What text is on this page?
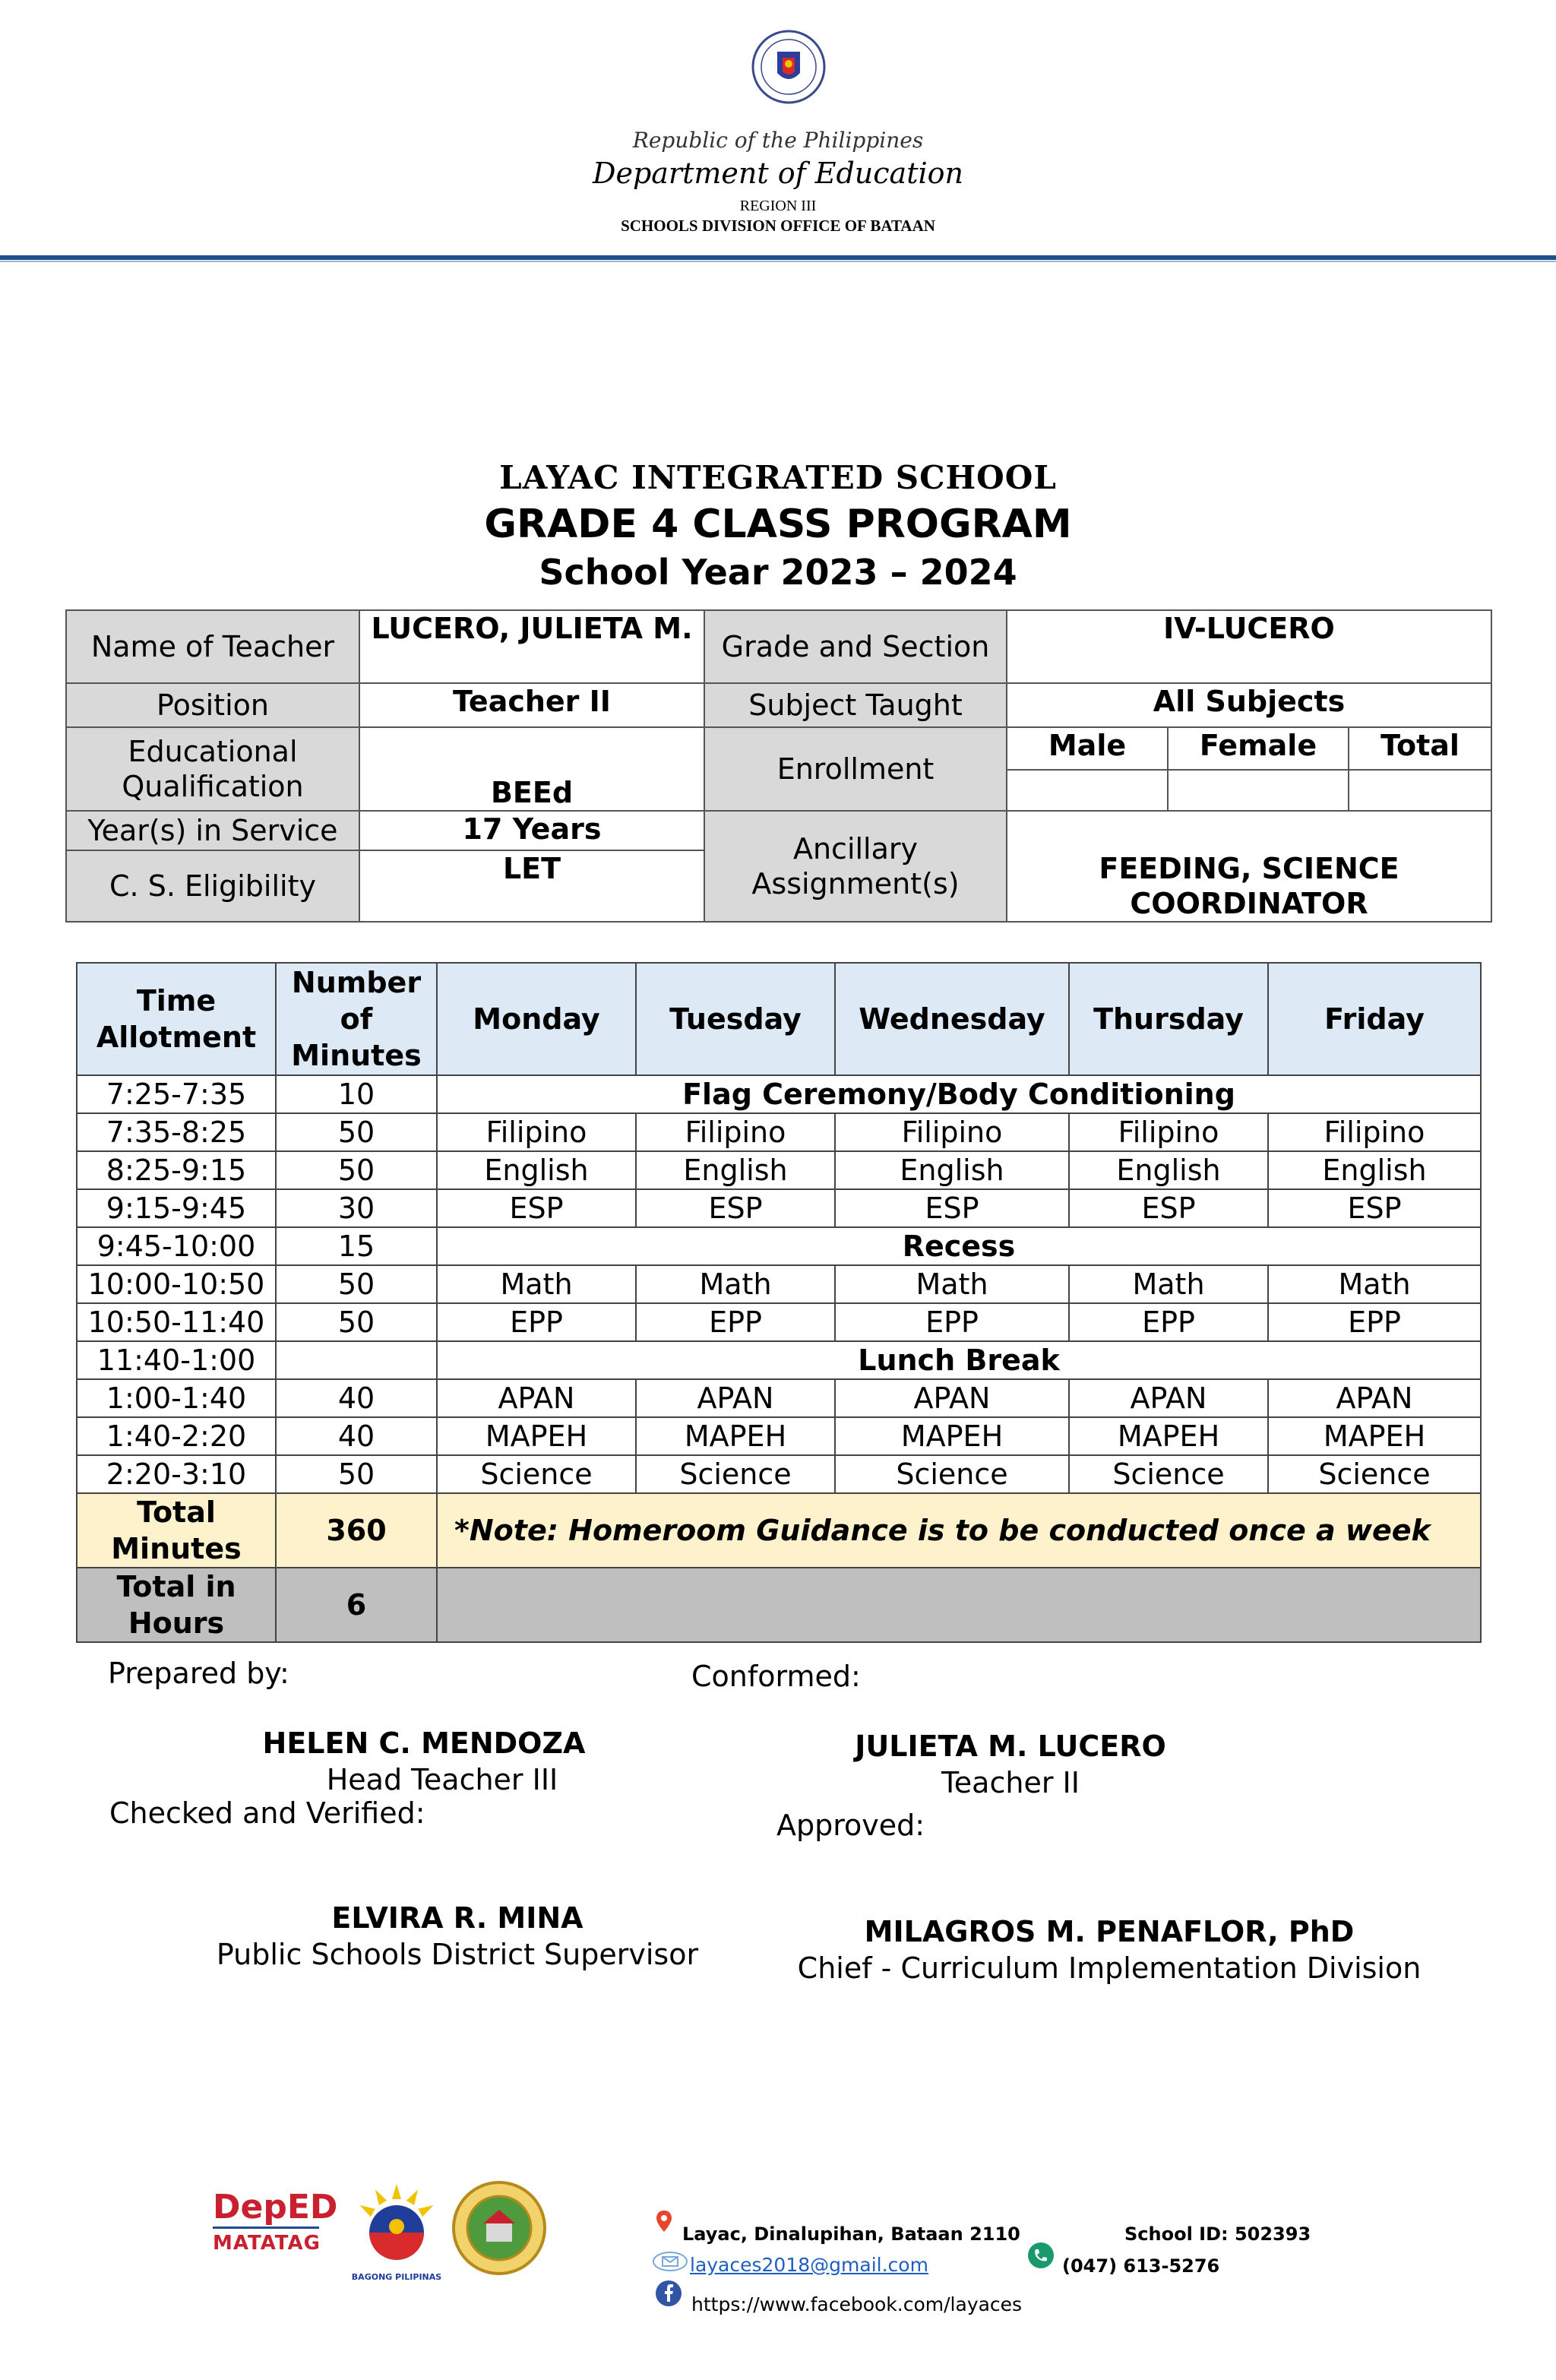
Republic of the Philippines
Department of Education
REGION III
SCHOOLS DIVISION OFFICE OF BATAAN
LAYAC INTEGRATED SCHOOL
GRADE 4 CLASS PROGRAM
School Year 2023 – 2024
Name of Teacher	LUCERO, JULIETA M.	Grade and Section	IV-LUCERO		
Position	Teacher II	Subject Taught	All Subjects		
Educational Qualification	BEEd	Enrollment	Male	Female	Total

Year(s) in Service	17 Years	Ancillary Assignment(s)	FEEDING, SCIENCE COORDINATOR		
C. S. Eligibility	LET				
Time Allotment	Number of Minutes	Monday	Tuesday	Wednesday	Thursday	Friday
7:25-7:35	10	Flag Ceremony/Body Conditioning				
7:35-8:25	50	Filipino	Filipino	Filipino	Filipino	Filipino
8:25-9:15	50	English	English	English	English	English
9:15-9:45	30	ESP	ESP	ESP	ESP	ESP
9:45-10:00	15	Recess				
10:00-10:50	50	Math	Math	Math	Math	Math
10:50-11:40	50	EPP	EPP	EPP	EPP	EPP
11:40-1:00		Lunch Break				
1:00-1:40	40	APAN	APAN	APAN	APAN	APAN
1:40-2:20	40	MAPEH	MAPEH	MAPEH	MAPEH	MAPEH
2:20-3:10	50	Science	Science	Science	Science	Science
Total Minutes	360	*Note: Homeroom Guidance is to be conducted once a week				
Total in Hours	6					
Prepared by:	Conformed:
HELEN C. MENDOZA
Head Teacher III
JULIETA M. LUCERO
Teacher II
Checked and Verified:	Approved:
ELVIRA R. MINA
Public Schools District Supervisor
MILAGROS M. PENAFLOR, PhD
Chief - Curriculum Implementation Division
DepED
MATATAG
BAGONG PILIPINAS
Layac, Dinalupihan, Bataan 2110	School ID: 502393
layaces2018@gmail.com	(047) 613-5276
https://www.facebook.com/layaces
